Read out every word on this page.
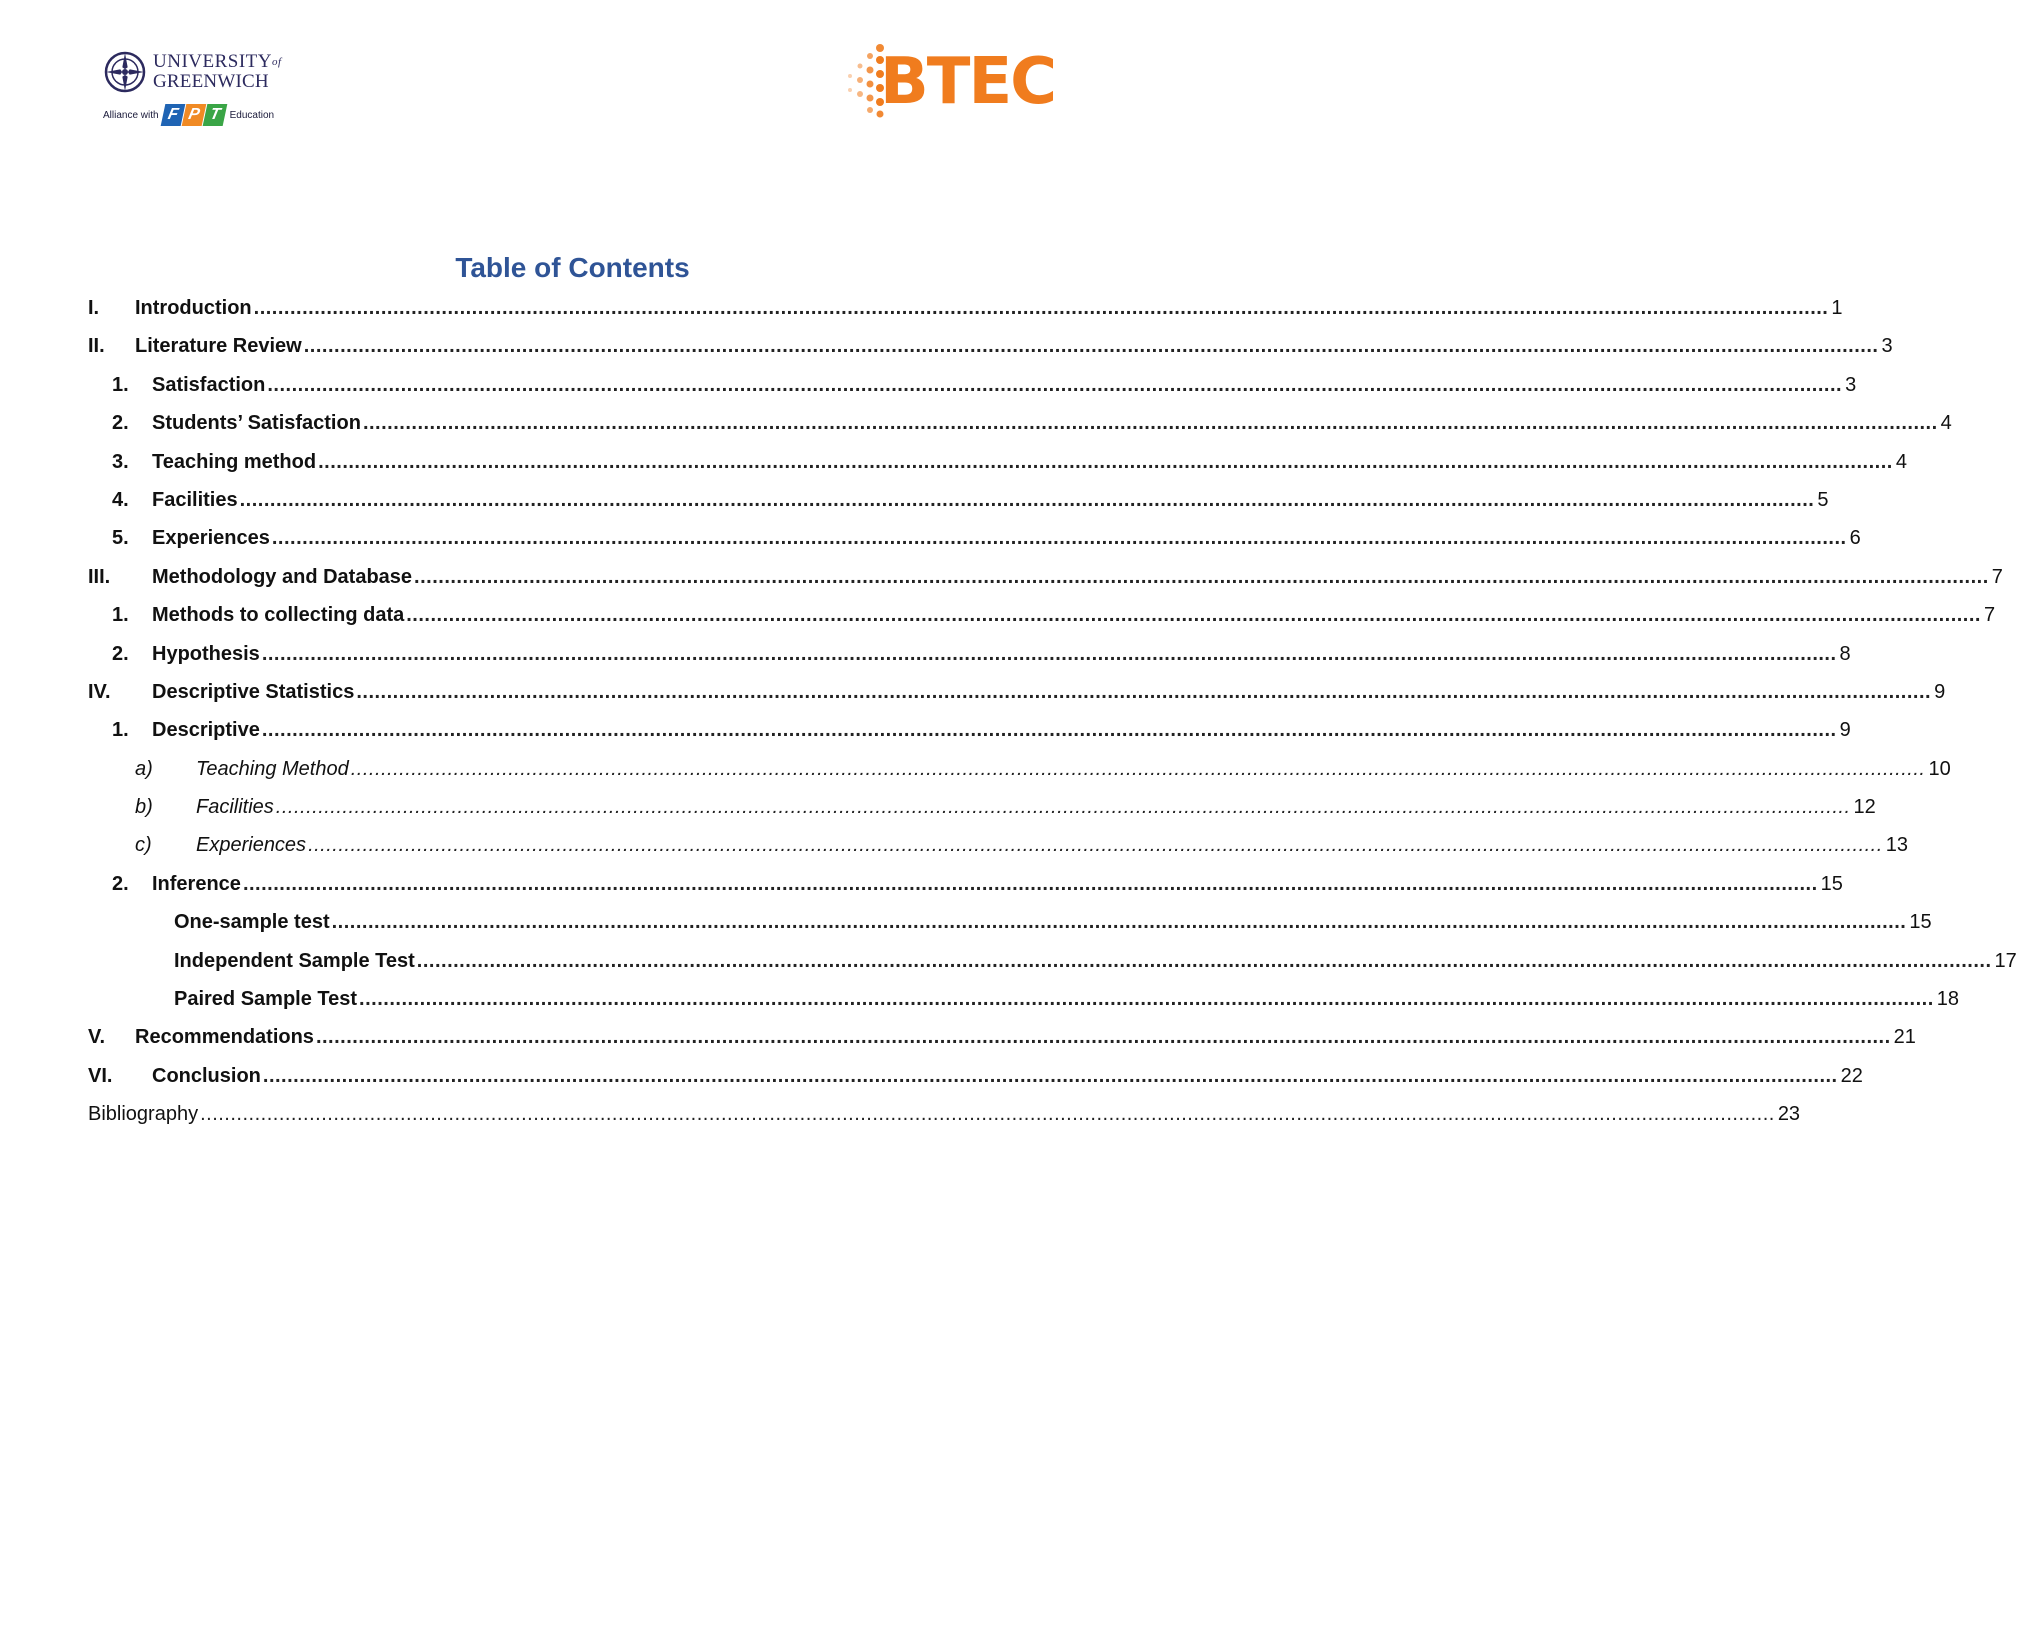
$UNIVERSITY^{of}$
GREENWICH
Alliance with F P T Education	BTEC
Table of Contents
I. Introduction .................................................................................................................................................................................................................................................................... 1
II. Literature Review .................................................................................................................................................................................................................................................................... 3
1. Satisfaction .................................................................................................................................................................................................................................................................... 3
2. Students’ Satisfaction .................................................................................................................................................................................................................................................................... 4
3. Teaching method .................................................................................................................................................................................................................................................................... 4
4. Facilities .................................................................................................................................................................................................................................................................... 5
5. Experiences .................................................................................................................................................................................................................................................................... 6
III. Methodology and Database .................................................................................................................................................................................................................................................................... 7
1. Methods to collecting data .................................................................................................................................................................................................................................................................... 7
2. Hypothesis .................................................................................................................................................................................................................................................................... 8
IV. Descriptive Statistics .................................................................................................................................................................................................................................................................... 9
1. Descriptive .................................................................................................................................................................................................................................................................... 9
a) Teaching Method .................................................................................................................................................................................................................................................................... 10
b) Facilities .................................................................................................................................................................................................................................................................... 12
c) Experiences .................................................................................................................................................................................................................................................................... 13
2. Inference .................................................................................................................................................................................................................................................................... 15
One-sample test .................................................................................................................................................................................................................................................................... 15
Independent Sample Test .................................................................................................................................................................................................................................................................... 17
Paired Sample Test .................................................................................................................................................................................................................................................................... 18
V. Recommendations .................................................................................................................................................................................................................................................................... 21
VI. Conclusion .................................................................................................................................................................................................................................................................... 22
Bibliography .................................................................................................................................................................................................................................................................... 23
